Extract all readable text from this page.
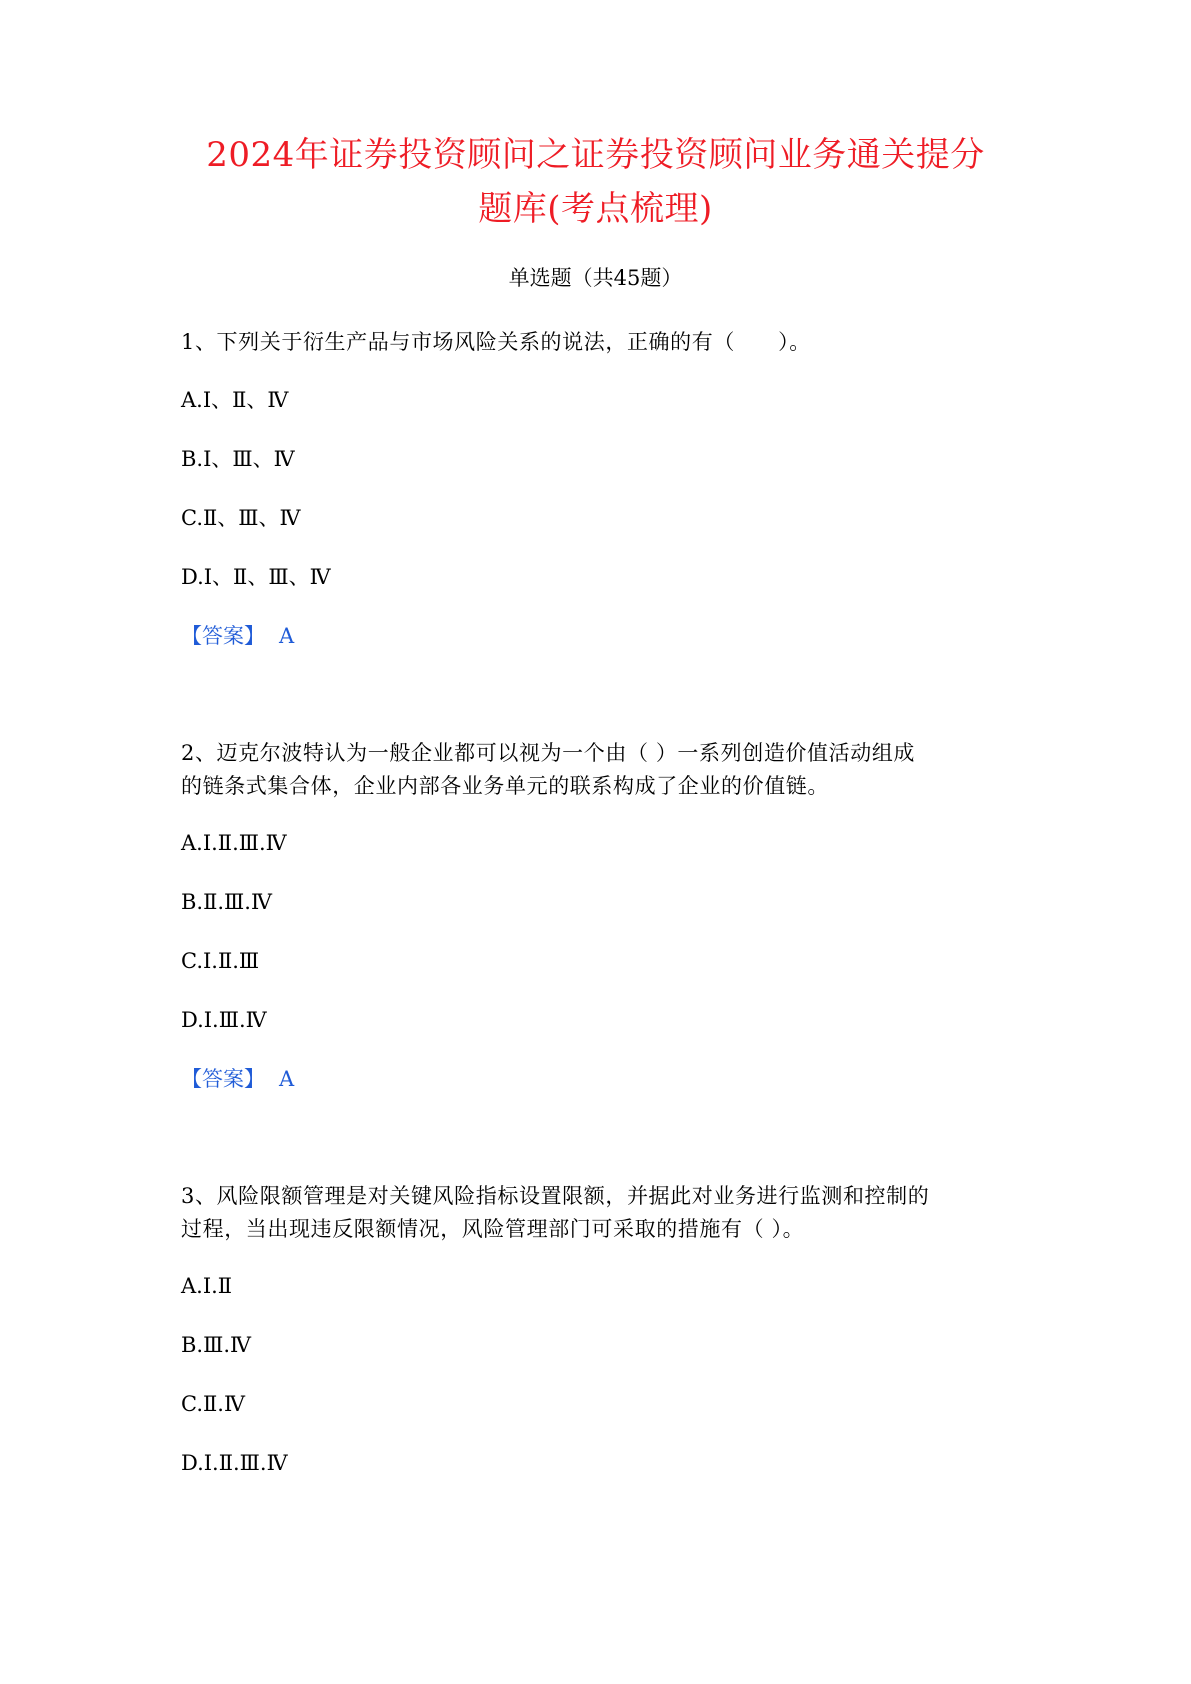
2024年证券投资顾问之证券投资顾问业务通关提分
题库(考点梳理)
单选题（共45题）
1、下列关于衍生产品与市场风险关系的说法，正确的有（　　）。
A.Ⅰ、Ⅱ、Ⅳ
B.Ⅰ、Ⅲ、Ⅳ
C.Ⅱ、Ⅲ、Ⅳ
D.Ⅰ、Ⅱ、Ⅲ、Ⅳ
【答案】 A
2、迈克尔波特认为一般企业都可以视为一个由（ ）一系列创造价值活动组成
的链条式集合体，企业内部各业务单元的联系构成了企业的价值链。
A.Ⅰ.Ⅱ.Ⅲ.Ⅳ
B.Ⅱ.Ⅲ.Ⅳ
C.Ⅰ.Ⅱ.Ⅲ
D.Ⅰ.Ⅲ.Ⅳ
【答案】 A
3、风险限额管理是对关键风险指标设置限额，并据此对业务进行监测和控制的
过程，当出现违反限额情况，风险管理部门可采取的措施有（ ）。
A.Ⅰ.Ⅱ
B.Ⅲ.Ⅳ
C.Ⅱ.Ⅳ
D.Ⅰ.Ⅱ.Ⅲ.Ⅳ
